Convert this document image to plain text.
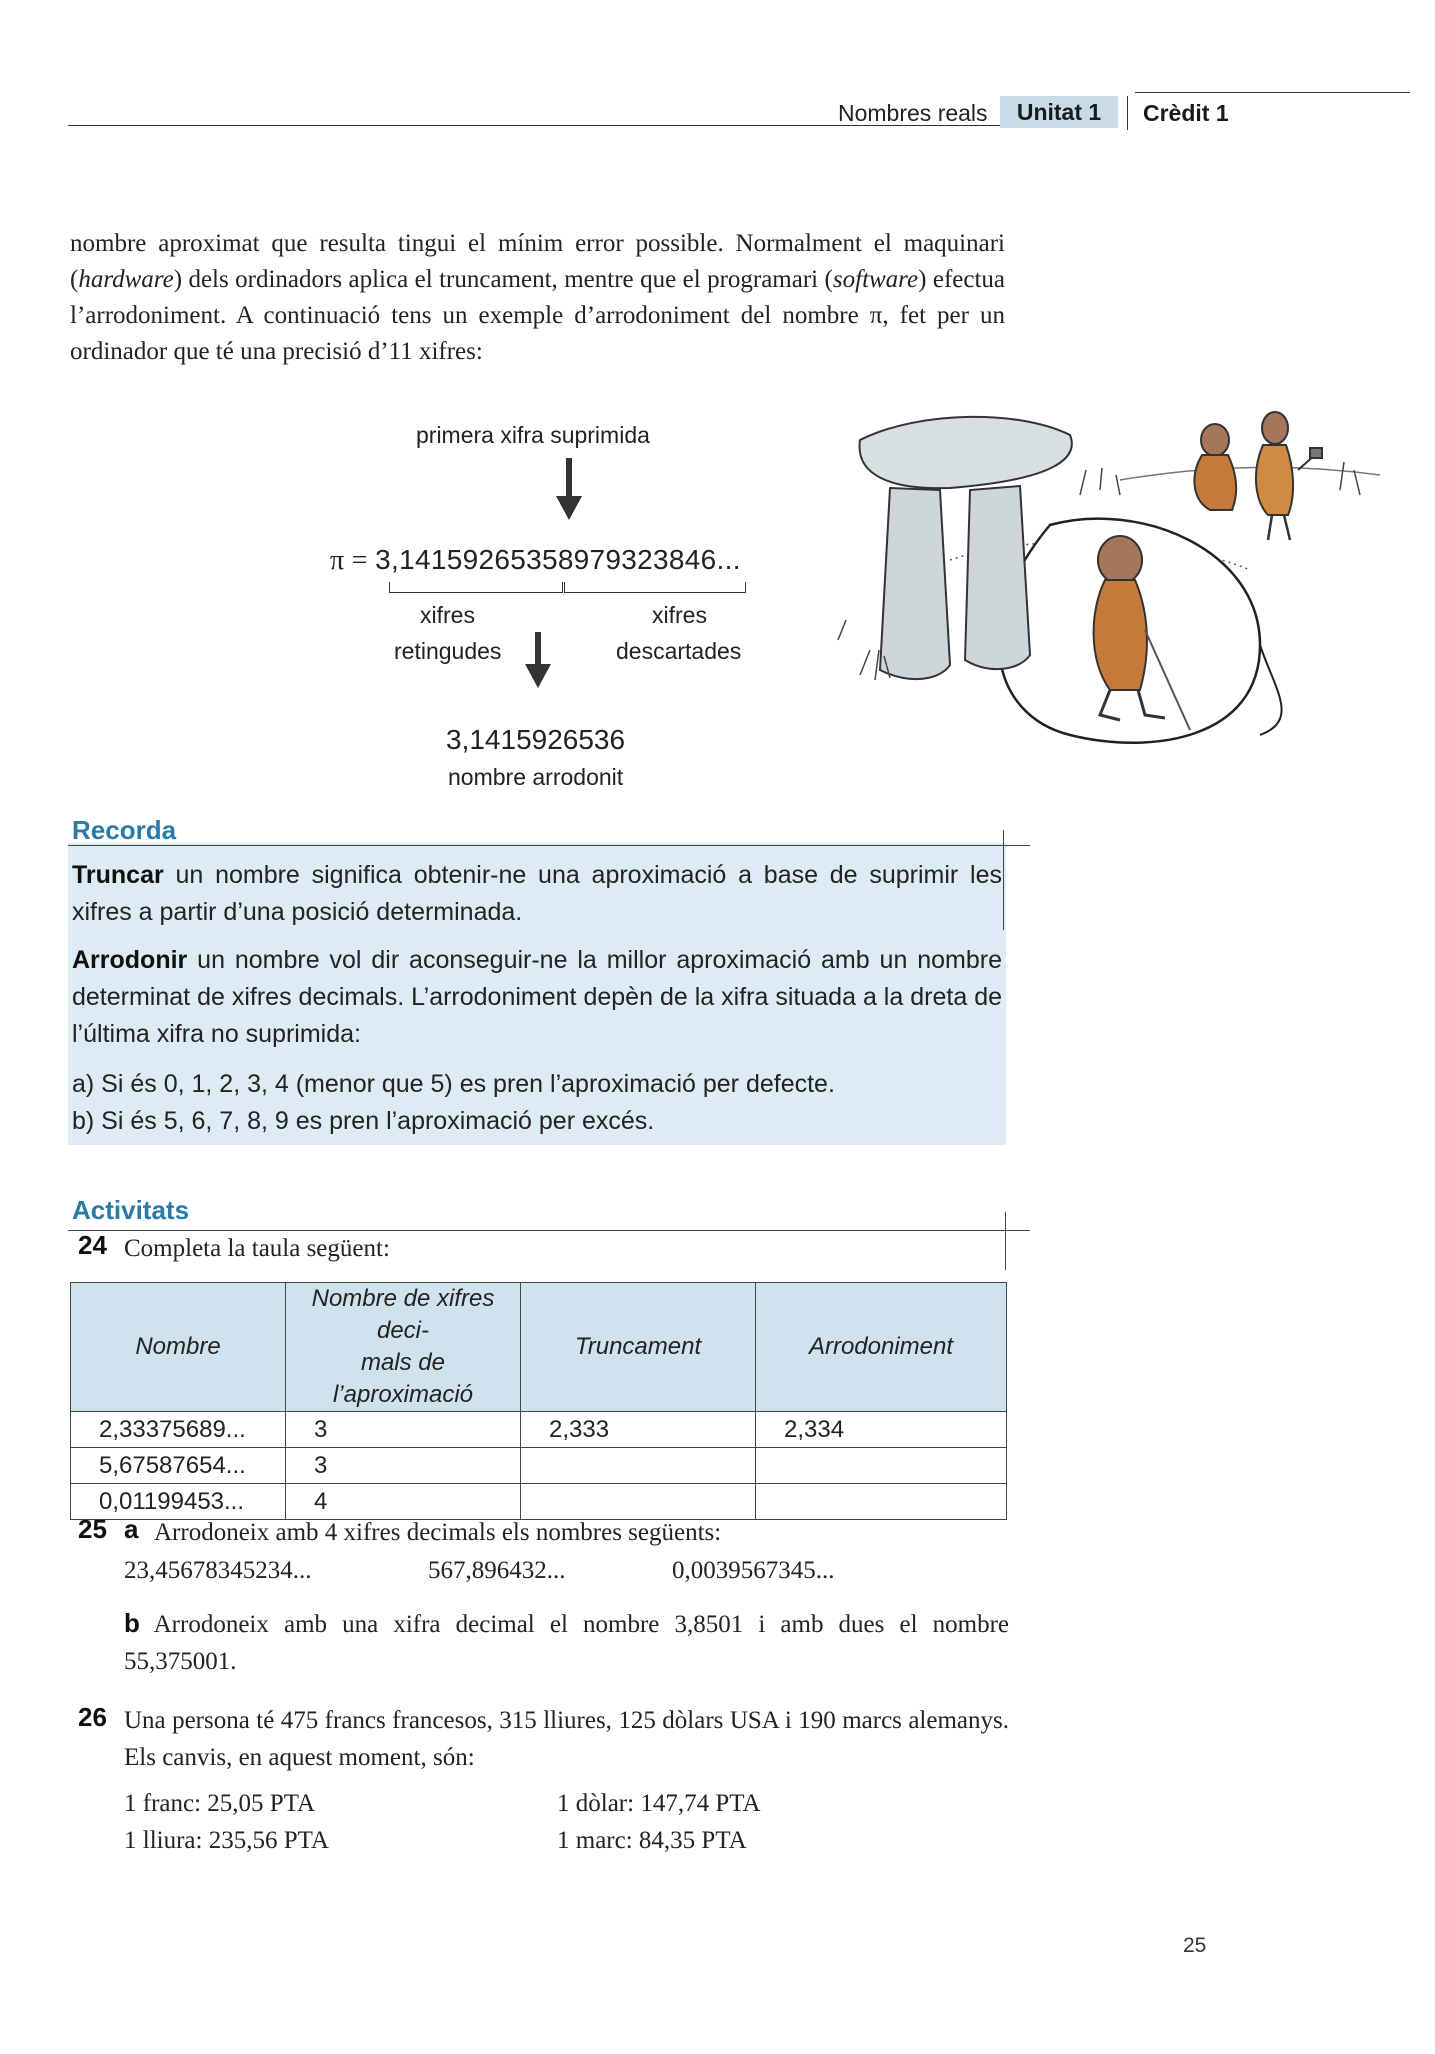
Nombres reals	Unitat 1	Crèdit 1

nombre aproximat que resulta tingui el mínim error possible. Normalment el maquinari (hardware) dels ordinadors aplica el truncament, mentre que el programari (software) efectua l’arrodoniment. A continuació tens un exemple d’arrodoniment del nombre π, fet per un ordinador que té una precisió d’11 xifres:

primera xifra suprimida
π = 3,14159265358979323846...
xifres
retingudes
xifres
descartades
3,1415926536
nombre arrodonit
Recorda
Truncar un nombre significa obtenir-ne una aproximació a base de suprimir les xifres a partir d’una posició determinada.
Arrodonir un nombre vol dir aconseguir-ne la millor aproximació amb un nombre determinat de xifres decimals. L’arrodoniment depèn de la xifra situada a la dreta de l’última xifra no suprimida:
a) Si és 0, 1, 2, 3, 4 (menor que 5) es pren l’aproximació per defecte.
b) Si és 5, 6, 7, 8, 9 es pren l’aproximació per excés.
Activitats
24 Completa la taula següent:
Nombre	Nombre de xifres deci-
mals de l’aproximació	Truncament	Arrodoniment
2,33375689...	3	2,333	2,334
5,67587654...	3		
0,01199453...	4		
25 a Arrodoneix amb 4 xifres decimals els nombres següents:
23,45678345234...	567,896432...	0,0039567345...
b Arrodoneix amb una xifra decimal el nombre 3,8501 i amb dues el nombre 55,375001.
26 Una persona té 475 francs francesos, 315 lliures, 125 dòlars USA i 190 marcs alemanys. Els canvis, en aquest moment, són:
1 franc: 25,05 PTA	1 dòlar: 147,74 PTA
1 lliura: 235,56 PTA	1 marc: 84,35 PTA
25
